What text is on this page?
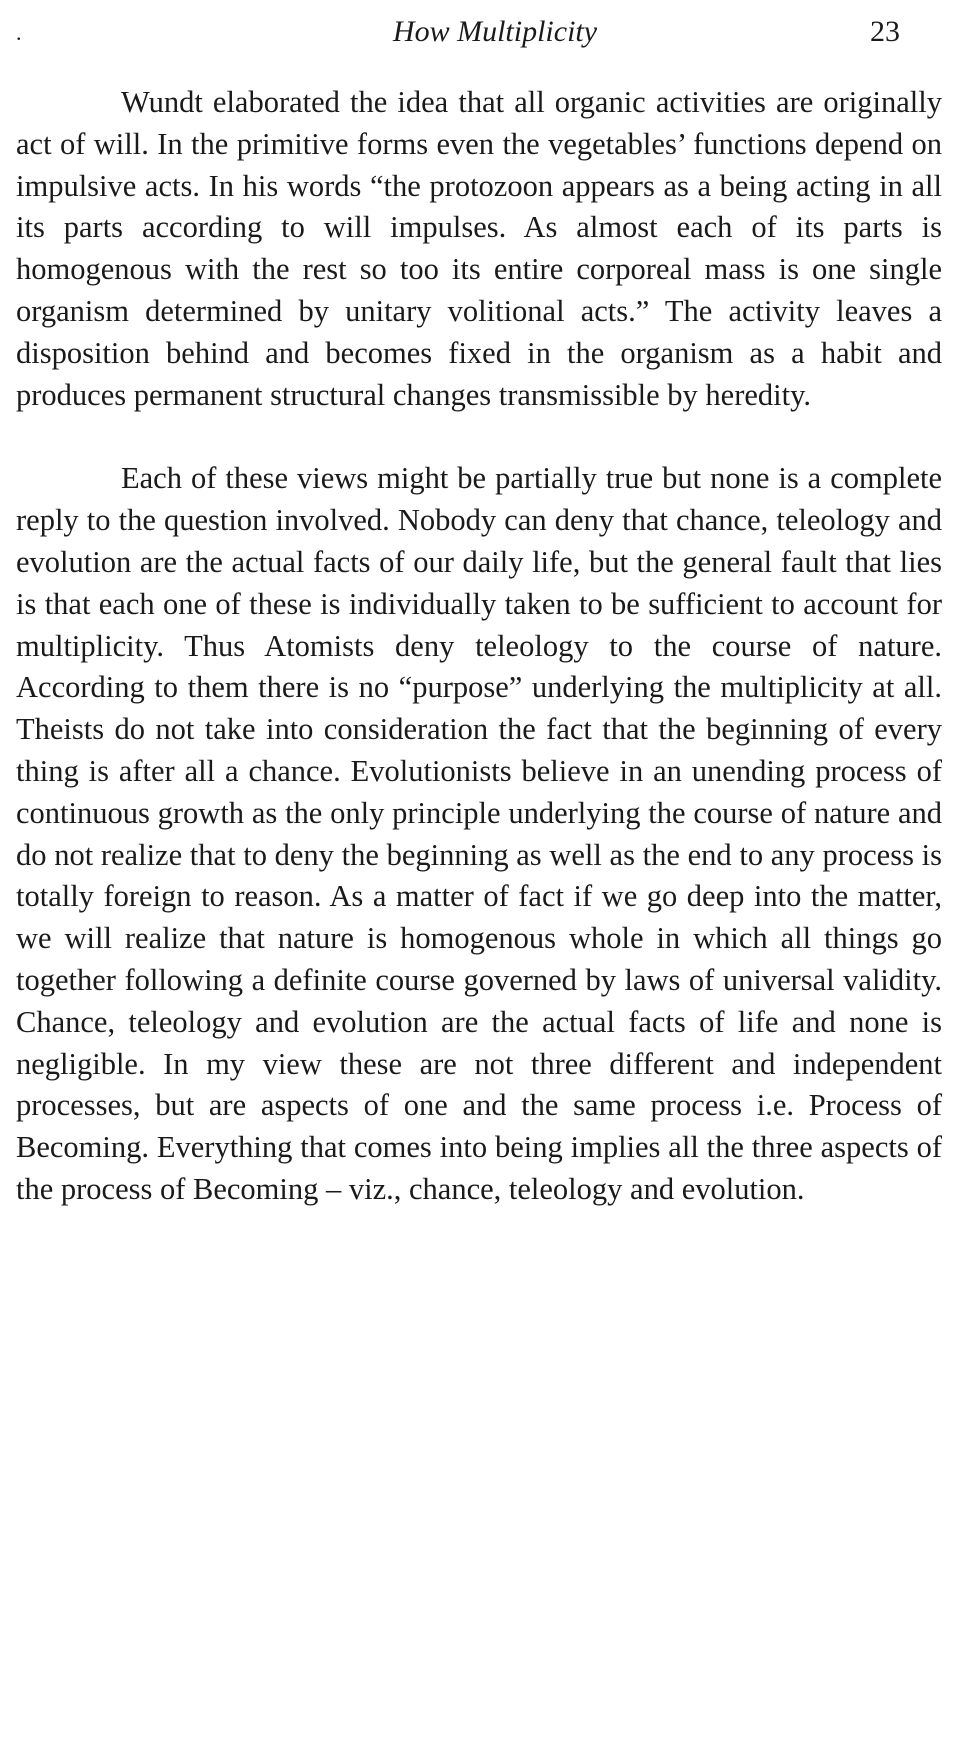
.	How Multiplicity	23

Wundt elaborated the idea that all organic activities are originally act of will. In the primitive forms even the vegetables’ functions depend on impulsive acts. In his words “the protozoon appears as a being acting in all its parts according to will impulses. As almost each of its parts is homogenous with the rest so too its entire corporeal mass is one single organism determined by unitary volitional acts.” The activity leaves a disposition behind and becomes fixed in the organism as a habit and produces permanent structural changes transmissible by heredity.

Each of these views might be partially true but none is a complete reply to the question involved. Nobody can deny that chance, teleology and evolution are the actual facts of our daily life, but the general fault that lies is that each one of these is individually taken to be sufficient to account for multiplicity. Thus Atomists deny teleology to the course of nature. According to them there is no “purpose” underlying the multiplicity at all. Theists do not take into consideration the fact that the beginning of every thing is after all a chance. Evolutionists believe in an unending process of continuous growth as the only principle underlying the course of nature and do not realize that to deny the beginning as well as the end to any process is totally foreign to reason. As a matter of fact if we go deep into the matter, we will realize that nature is homogenous whole in which all things go together following a definite course governed by laws of universal validity. Chance, teleology and evolution are the actual facts of life and none is negligible. In my view these are not three different and independent processes, but are aspects of one and the same process i.e. Process of Becoming. Everything that comes into being implies all the three aspects of the process of Becoming – viz., chance, teleology and evolution.
